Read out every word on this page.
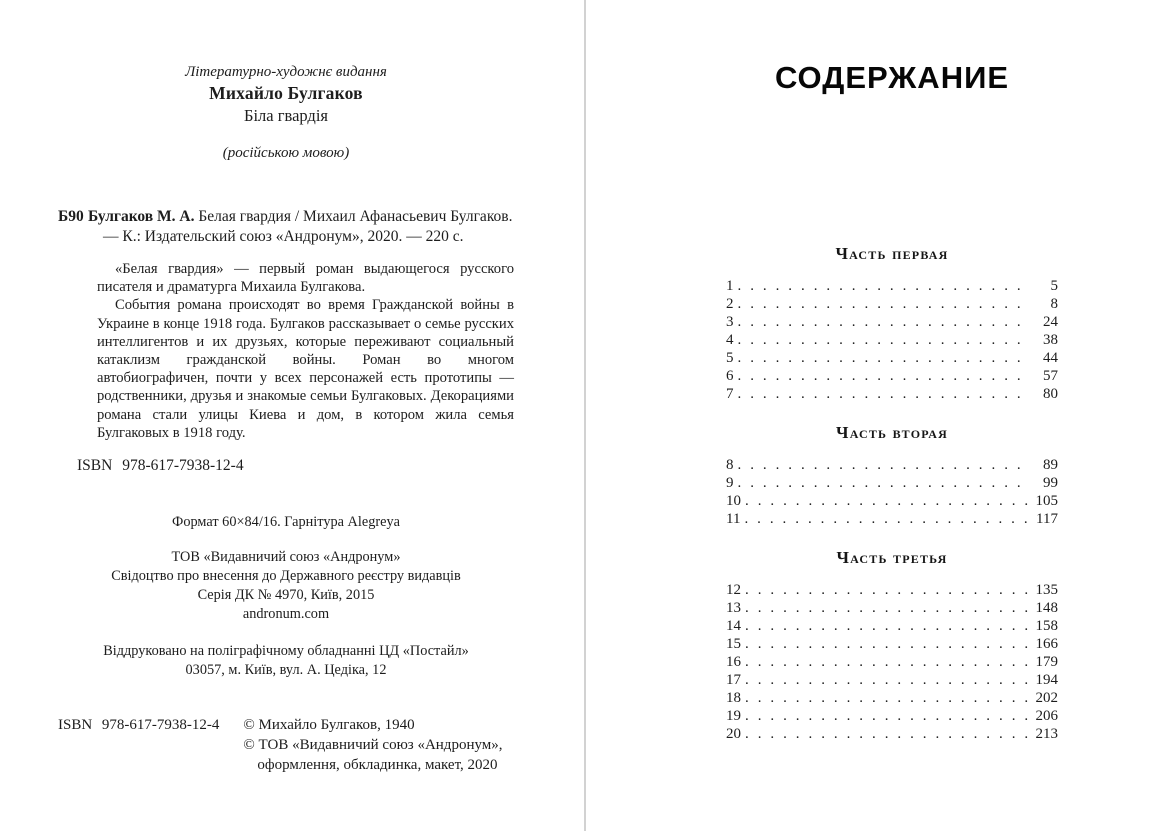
Літературно-художнє видання
Михайло Булгаков
Біла гвардія
(російською мовою)
Б90 Булгаков М. А. Белая гвардия / Михаил Афанасьевич Булгаков. — К.: Издательский союз «Андронум», 2020. — 220 с.

«Белая гвардия» — первый роман выдающегося русского писателя и драматурга Михаила Булгакова.

События романа происходят во время Гражданской войны в Украине в конце 1918 года. Булгаков рассказывает о семье русских интеллигентов и их друзьях, которые переживают социальный катаклизм гражданской войны. Роман во многом автобиографичен, почти у всех персонажей есть прототипы — родственники, друзья и знакомые семьи Булгаковых. Декорациями романа стали улицы Киева и дом, в котором жила семья Булгаковых в 1918 году.

ISBN 978-617-7938-12-4
Формат 60×84/16. Гарнітура Alegreya
ТОВ «Видавничий союз «Андронум»
Свідоцтво про внесення до Державного реєстру видавців
Серія ДК № 4970, Київ, 2015
andronum.com
Віддруковано на поліграфічному обладнанні ЦД «Постайл»
03057, м. Київ, вул. А. Цедіка, 12
ISBN 978-617-7938-12-4 © Михайло Булгаков, 1940
© ТОВ «Видавничий союз «Андронум»,
оформлення, обкладинка, макет, 2020
СОДЕРЖАНИЕ
Часть первая
1 . . .	5
2 . . .	8
3 . . .	24
4 . . .	38
5 . . .	44
6 . . .	57
7 . . .	80
Часть вторая
8 . . .	89
9 . . .	99
10 . . .	105
11 . . .	117
Часть третья
12 . . .	135
13 . . .	148
14 . . .	158
15 . . .	166
16 . . .	179
17 . . .	194
18 . . .	202
19 . . .	206
20 . . .	213
